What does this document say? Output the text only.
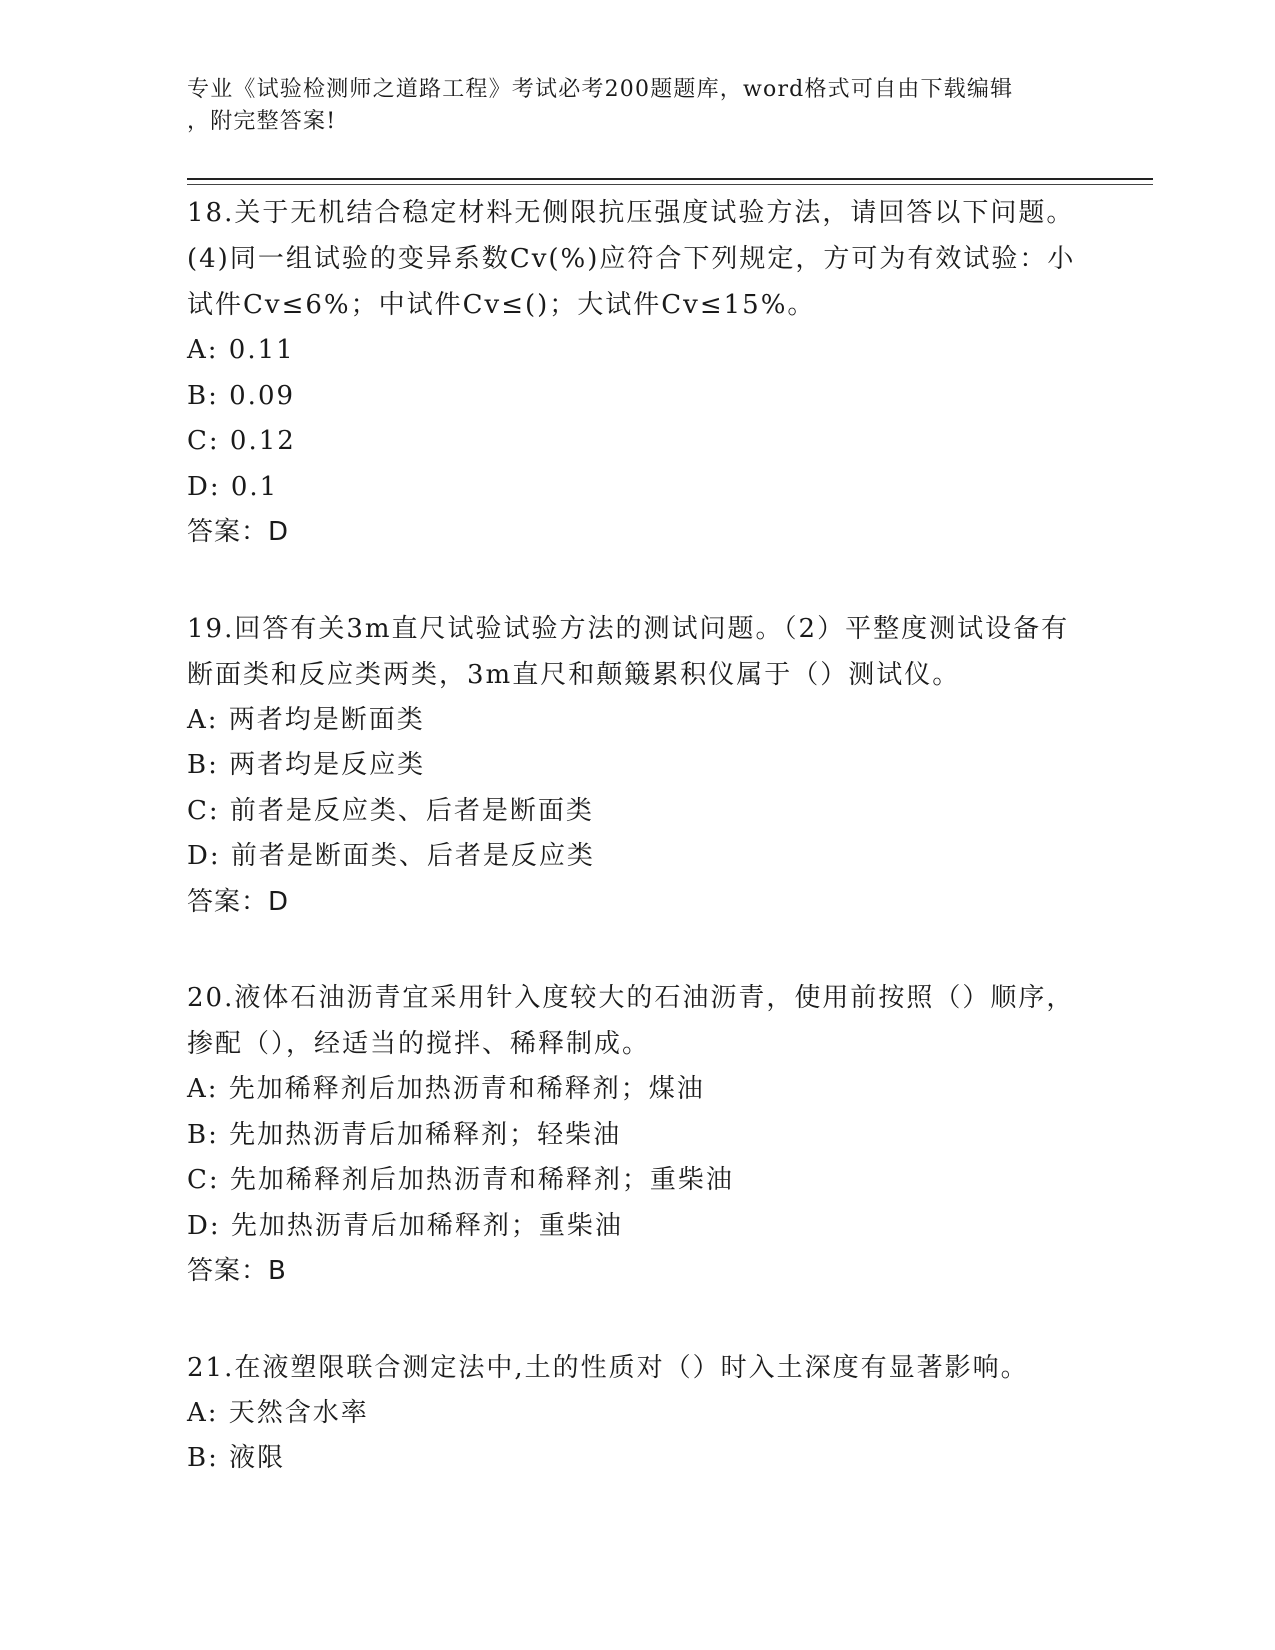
专业《试验检测师之道路工程》考试必考200题题库，word格式可自由下载编辑
，附完整答案!
18.关于无机结合稳定材料无侧限抗压强度试验方法，请回答以下问题。(4)同一组试验的变异系数Cv(%)应符合下列规定，方可为有效试验：小试件Cv≤6%；中试件Cv≤()；大试件Cv≤15%。
A: 0.11
B: 0.09
C: 0.12
D: 0.1
答案：D
19.回答有关3m直尺试验试验方法的测试问题。（2）平整度测试设备有断面类和反应类两类，3m直尺和颠簸累积仪属于（）测试仪。
A: 两者均是断面类
B: 两者均是反应类
C: 前者是反应类、后者是断面类
D: 前者是断面类、后者是反应类
答案：D
20.液体石油沥青宜采用针入度较大的石油沥青，使用前按照（）顺序，掺配（），经适当的搅拌、稀释制成。
A: 先加稀释剂后加热沥青和稀释剂；煤油
B: 先加热沥青后加稀释剂；轻柴油
C: 先加稀释剂后加热沥青和稀释剂；重柴油
D: 先加热沥青后加稀释剂；重柴油
答案：B
21.在液塑限联合测定法中,土的性质对（）时入土深度有显著影响。
A: 天然含水率
B: 液限
